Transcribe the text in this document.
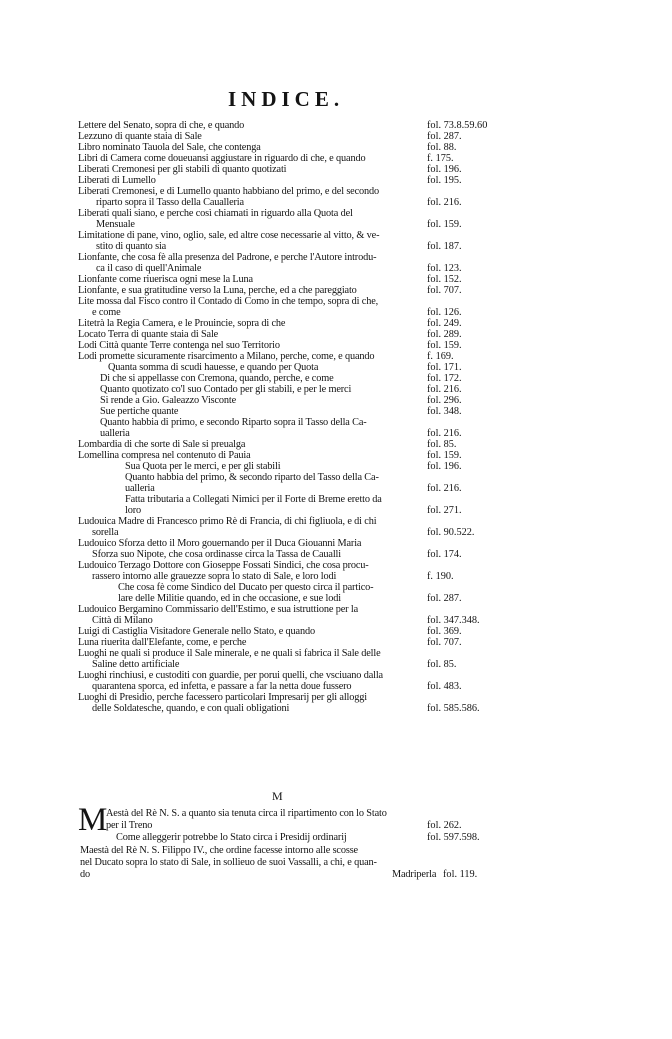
INDICE.
M
M
Lettere del Senato, sopra di che, e quando	fol. 73.8.59.60
Lezzuno di quante staia di Sale	fol. 287.
Libro nominato Tauola del Sale, che contenga	fol. 88.
Libri di Camera come doueuansi aggiustare in riguardo di che, e quando	f. 175.
Liberati Cremonesi per gli stabili di quanto quotizati	fol. 196.
Liberati di Lumello	fol. 195.
Liberati Cremonesi, e di Lumello quanto habbiano del primo, e del secondo
riparto sopra il Tasso della Caualleria	fol. 216.
Liberati quali siano, e perche così chiamati in riguardo alla Quota del
Mensuale	fol. 159.
Limitatione di pane, vino, oglio, sale, ed altre cose necessarie al vitto, & ve-
stito di quanto sia	fol. 187.
Lionfante, che cosa fè alla presenza del Padrone, e perche l'Autore introdu-
ca il caso di quell'Animale	fol. 123.
Lionfante come riuerisca ogni mese la Luna	fol. 152.
Lionfante, e sua gratitudine verso la Luna, perche, ed a che pareggiato	fol. 707.
Lite mossa dal Fisco contro il Contado di Como in che tempo, sopra di che,
e come	fol. 126.
Litetrà la Regia Camera, e le Prouincie, sopra di che	fol. 249.
Locato Terra di quante staia di Sale	fol. 289.
Lodi Città quante Terre contenga nel suo Territorio	fol. 159.
Lodi promette sicuramente risarcimento a Milano, perche, come, e quando	f. 169.
Quanta somma di scudi hauesse, e quando per Quota	fol. 171.
Di che si appellasse con Cremona, quando, perche, e come	fol. 172.
Quanto quotizato co'l suo Contado per gli stabili, e per le merci	fol. 216.
Si rende a Gio. Galeazzo Visconte	fol. 296.
Sue pertiche quante	fol. 348.
Quanto habbia di primo, e secondo Riparto sopra il Tasso della Ca-
ualleria	fol. 216.
Lombardia di che sorte di Sale si preualga	fol. 85.
Lomellina compresa nel contenuto di Pauia	fol. 159.
Sua Quota per le merci, e per gli stabili	fol. 196.
Quanto habbia del primo, & secondo riparto del Tasso della Ca-
ualleria	fol. 216.
Fatta tributaria a Collegati Nimici per il Forte di Breme eretto da
loro	fol. 271.
Ludouica Madre di Francesco primo Rè di Francia, di chi figliuola, e di chi
sorella	fol. 90.522.
Ludouico Sforza detto il Moro gouernando per il Duca Giouanni Maria
Sforza suo Nipote, che cosa ordinasse circa la Tassa de Caualli	fol. 174.
Ludouico Terzago Dottore con Gioseppe Fossati Sindici, che cosa procu-
rassero intorno alle grauezze sopra lo stato di Sale, e loro lodi	f. 190.
Che cosa fè come Sindico del Ducato per questo circa il partico-
lare delle Militie quando, ed in che occasione, e sue lodi	fol. 287.
Ludouico Bergamino Commissario dell'Estimo, e sua istruttione per la
Città di Milano	fol. 347.348.
Luigi di Castiglia Visitadore Generale nello Stato, e quando	fol. 369.
Luna riuerita dall'Elefante, come, e perche	fol. 707.
Luoghi ne quali si produce il Sale minerale, e ne quali si fabrica il Sale delle
Saline detto artificiale	fol. 85.
Luoghi rinchiusi, e custoditi con guardie, per porui quelli, che vsciuano dalla
quarantena sporca, ed infetta, e passare a far la netta doue fussero	fol. 483.
Luoghi di Presidio, perche facessero particolari Impresarij per gli alloggi
delle Soldatesche, quando, e con quali obligationi	fol. 585.586.
Aestà del Rè N. S. a quanto sia tenuta circa il ripartimento con lo Stato
per il Treno	fol. 262.
Come alleggerir potrebbe lo Stato circa i Presidij ordinarij	fol. 597.598.
Maestà del Rè N. S. Filippo IV., che ordine facesse intorno alle scosse
nel Ducato sopra lo stato di Sale, in sollieuo de suoi Vassalli, a chi, e quan-
do	Madriperla fol. 119.
